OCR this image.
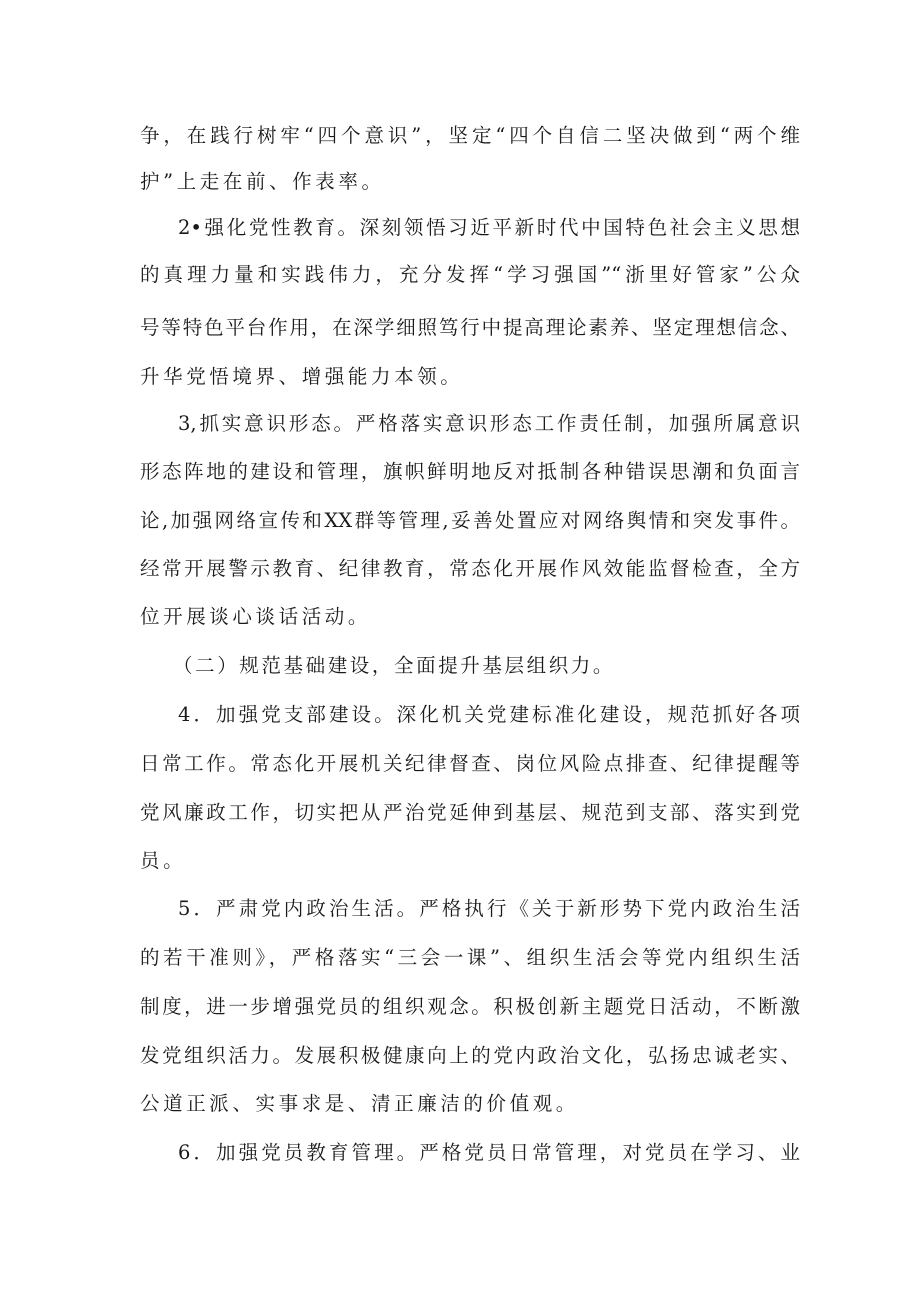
争，在践行树牢“四个意识”，坚定“四个自信二坚决做到“两个维
护”上走在前、作表率。
2•强化党性教育。深刻领悟习近平新时代中国特色社会主义思想
的真理力量和实践伟力，充分发挥“学习强国”“浙里好管家”公众
号等特色平台作用，在深学细照笃行中提高理论素养、坚定理想信念、
升华党悟境界、增强能力本领。
3,抓实意识形态。严格落实意识形态工作责任制，加强所属意识
形态阵地的建设和管理，旗帜鲜明地反对抵制各种错误思潮和负面言
论,加强网络宣传和XX群等管理,妥善处置应对网络舆情和突发事件。
经常开展警示教育、纪律教育，常态化开展作风效能监督检查，全方
位开展谈心谈话活动。
（二）规范基础建设，全面提升基层组织力。
4．加强党支部建设。深化机关党建标准化建设，规范抓好各项
日常工作。常态化开展机关纪律督查、岗位风险点排查、纪律提醒等
党风廉政工作，切实把从严治党延伸到基层、规范到支部、落实到党
员。
5．严肃党内政治生活。严格执行《关于新形势下党内政治生活
的若干准则》，严格落实“三会一课”、组织生活会等党内组织生活
制度，进一步增强党员的组织观念。积极创新主题党日活动，不断激
发党组织活力。发展积极健康向上的党内政治文化，弘扬忠诚老实、
公道正派、实事求是、清正廉洁的价值观。
6．加强党员教育管理。严格党员日常管理，对党员在学习、业
